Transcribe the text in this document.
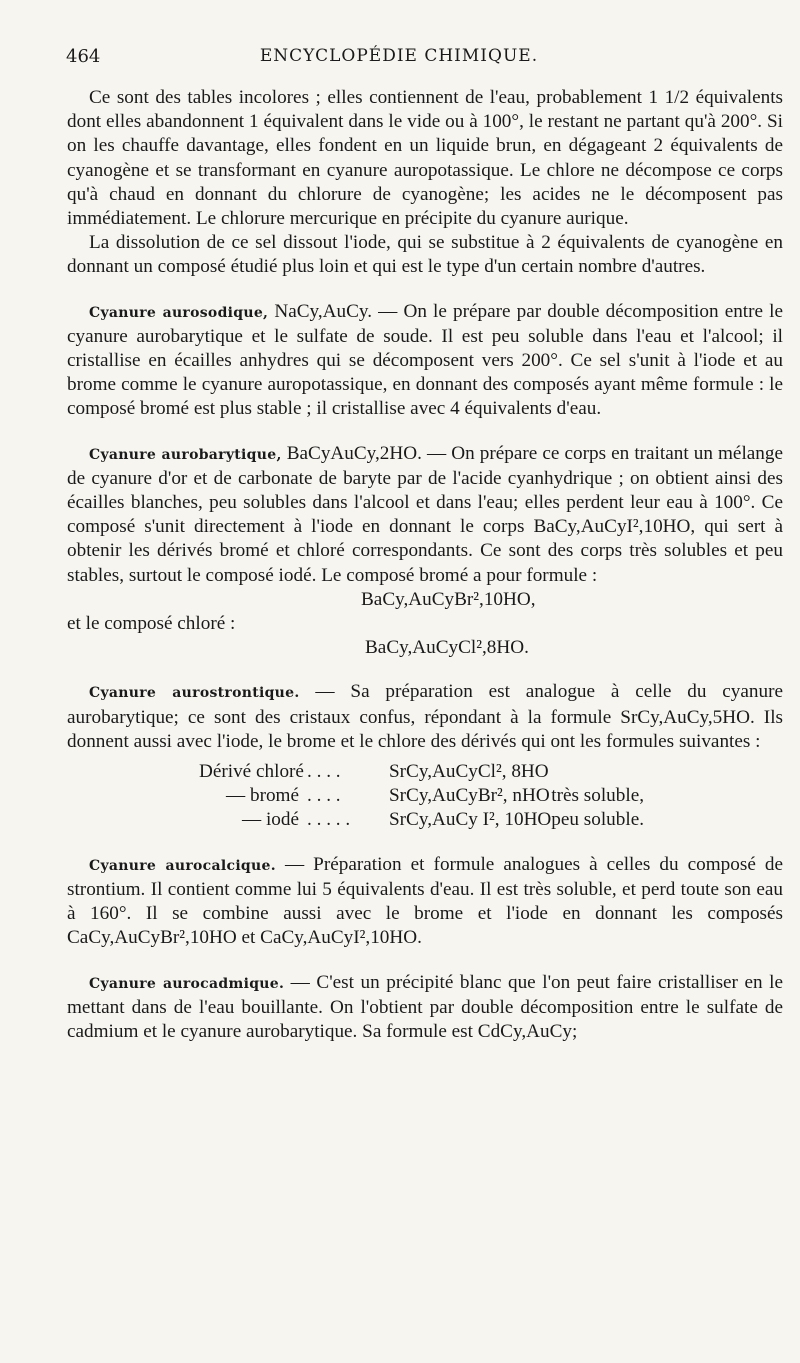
464	ENCYCLOPÉDIE CHIMIQUE.

Ce sont des tables incolores ; elles contiennent de l'eau, probablement 1 1/2 équivalents dont elles abandonnent 1 équivalent dans le vide ou à 100°, le restant ne partant qu'à 200°. Si on les chauffe davantage, elles fondent en un liquide brun, en dégageant 2 équivalents de cyanogène et se transformant en cyanure auropotassique. Le chlore ne décompose ce corps qu'à chaud en donnant du chlorure de cyanogène; les acides ne le décomposent pas immédiatement. Le chlorure mercurique en précipite du cyanure aurique.

La dissolution de ce sel dissout l'iode, qui se substitue à 2 équivalents de cyanogène en donnant un composé étudié plus loin et qui est le type d'un certain nombre d'autres.

Cyanure aurosodique, NaCy,AuCy. — On le prépare par double décomposition entre le cyanure aurobarytique et le sulfate de soude. Il est peu soluble dans l'eau et l'alcool; il cristallise en écailles anhydres qui se décomposent vers 200°. Ce sel s'unit à l'iode et au brome comme le cyanure auropotassique, en donnant des composés ayant même formule : le composé bromé est plus stable ; il cristallise avec 4 équivalents d'eau.

Cyanure aurobarytique, BaCyAuCy,2HO. — On prépare ce corps en traitant un mélange de cyanure d'or et de carbonate de baryte par de l'acide cyanhydrique ; on obtient ainsi des écailles blanches, peu solubles dans l'alcool et dans l'eau; elles perdent leur eau à 100°. Ce composé s'unit directement à l'iode en donnant le corps BaCy,AuCyI²,10HO, qui sert à obtenir les dérivés bromé et chloré correspondants. Ce sont des corps très solubles et peu stables, surtout le composé iodé. Le composé bromé a pour formule :

BaCy,AuCyBr²,10HO,

et le composé chloré :

BaCy,AuCyCl²,8HO.

Cyanure aurostrontique. — Sa préparation est analogue à celle du cyanure aurobarytique; ce sont des cristaux confus, répondant à la formule SrCy,AuCy,5HO. Ils donnent aussi avec l'iode, le brome et le chlore des dérivés qui ont les formules suivantes :

Dérivé chloré	. . . .	SrCy,AuCyCl², 8HO	
— bromé	. . . .	SrCy,AuCyBr², nHO	très soluble,
— iodé	. . . . .	SrCy,AuCy I², 10HO	peu soluble.

Cyanure aurocalcique. — Préparation et formule analogues à celles du composé de strontium. Il contient comme lui 5 équivalents d'eau. Il est très soluble, et perd toute son eau à 160°. Il se combine aussi avec le brome et l'iode en donnant les composés CaCy,AuCyBr²,10HO et CaCy,AuCyI²,10HO.

Cyanure aurocadmique. — C'est un précipité blanc que l'on peut faire cristalliser en le mettant dans de l'eau bouillante. On l'obtient par double décomposition entre le sulfate de cadmium et le cyanure aurobarytique. Sa formule est CdCy,AuCy;
